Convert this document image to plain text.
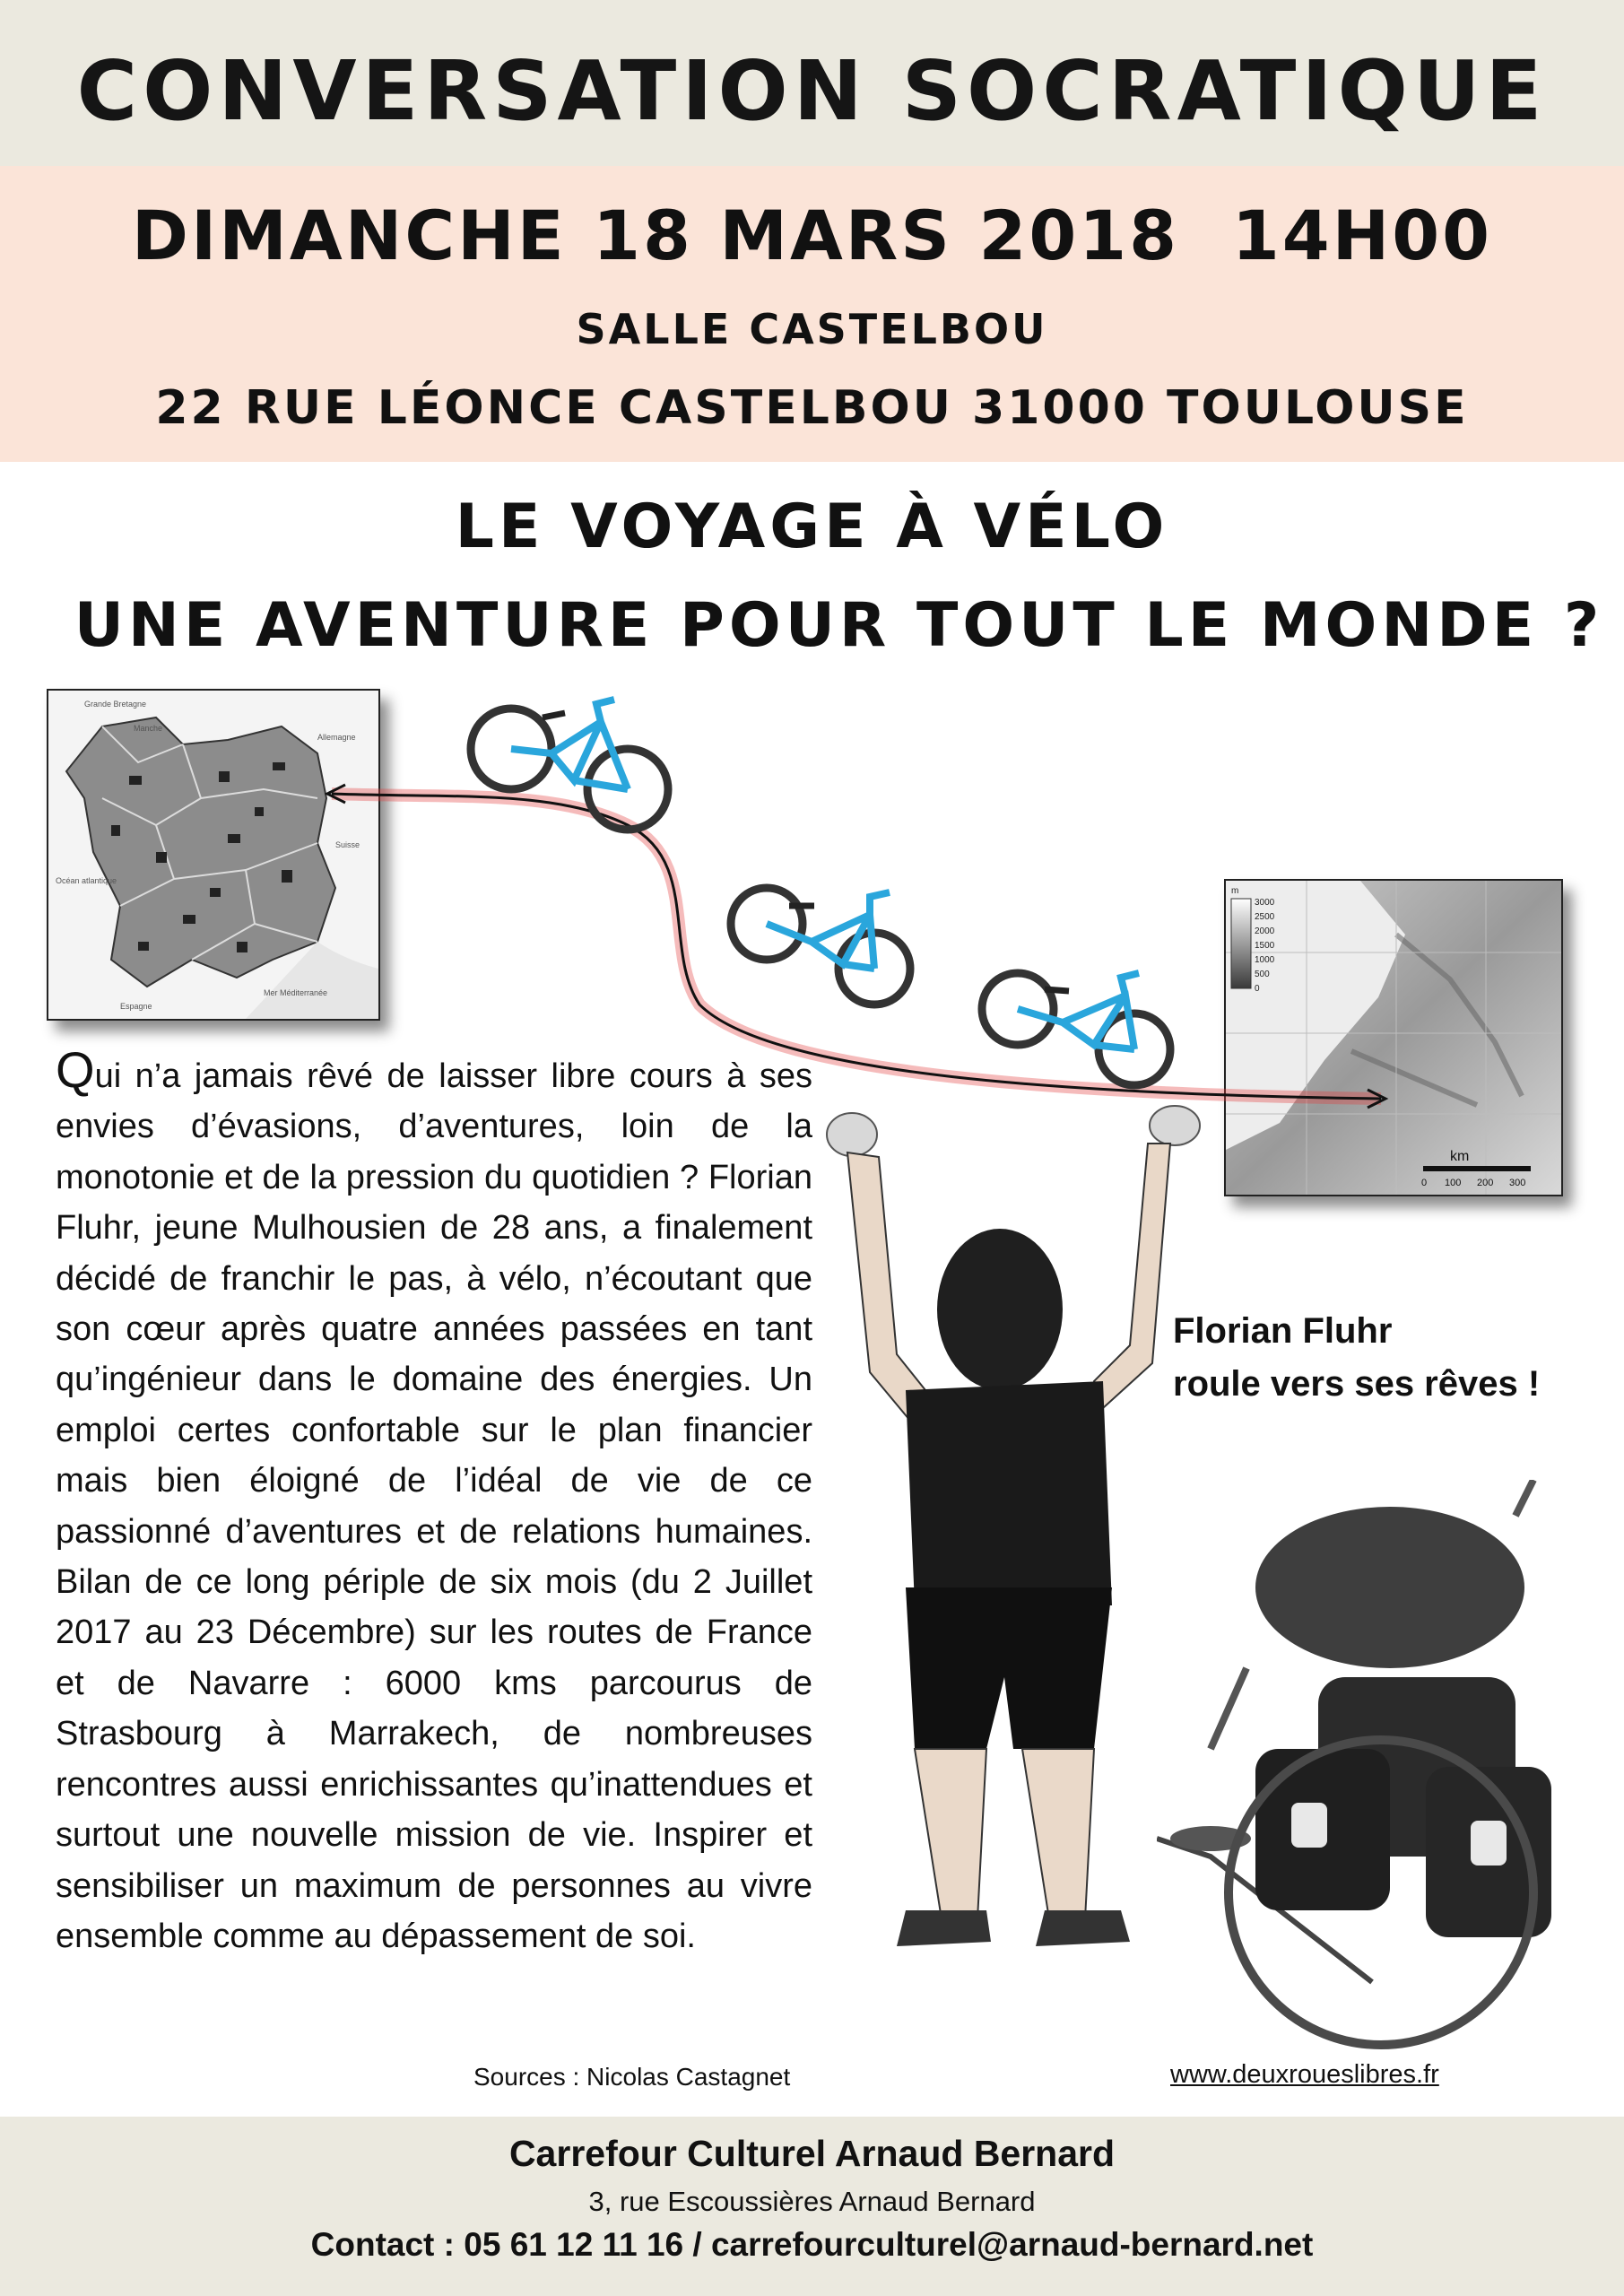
CONVERSATION SOCRATIQUE
DIMANCHE 18 MARS 2018  14H00
SALLE CASTELBOU
22 RUE LÉONCE CASTELBOU 31000 TOULOUSE
LE VOYAGE À VÉLO
UNE AVENTURE POUR TOUT LE MONDE ?
Grande Bretagne
Manche
Allemagne
Suisse
Océan atlantique
Mer Méditerranée
Espagne
m
3000
2500
2000
1500
1000
500
0
km
0 100 200 300
Qui n’a jamais rêvé de laisser libre cours à ses envies d’évasions, d’aventures, loin de la monotonie et de la pression du quotidien ? Florian Fluhr, jeune Mulhousien de 28 ans, a finalement décidé de franchir le pas, à vélo, n’écoutant que son cœur après quatre années passées en tant qu’ingénieur dans le domaine des énergies. Un emploi certes confortable sur le plan financier mais bien éloigné de l’idéal de vie de ce passionné d’aventures et de relations humaines. Bilan de ce long périple de six mois (du 2 Juillet 2017 au 23 Décembre) sur les routes de France et de Navarre : 6000 kms parcourus de Strasbourg à Marrakech, de nombreuses rencontres aussi enrichissantes qu’inattendues et surtout une nouvelle mission de vie. Inspirer et sensibiliser un maximum de personnes au vivre ensemble comme au dépassement de soi.
Sources : Nicolas Castagnet
Florian Fluhr
roule vers ses rêves !
www.deuxroueslibres.fr
Carrefour Culturel Arnaud Bernard
3, rue Escoussières Arnaud Bernard
Contact : 05 61 12 11 16 / carrefourculturel@arnaud-bernard.net
